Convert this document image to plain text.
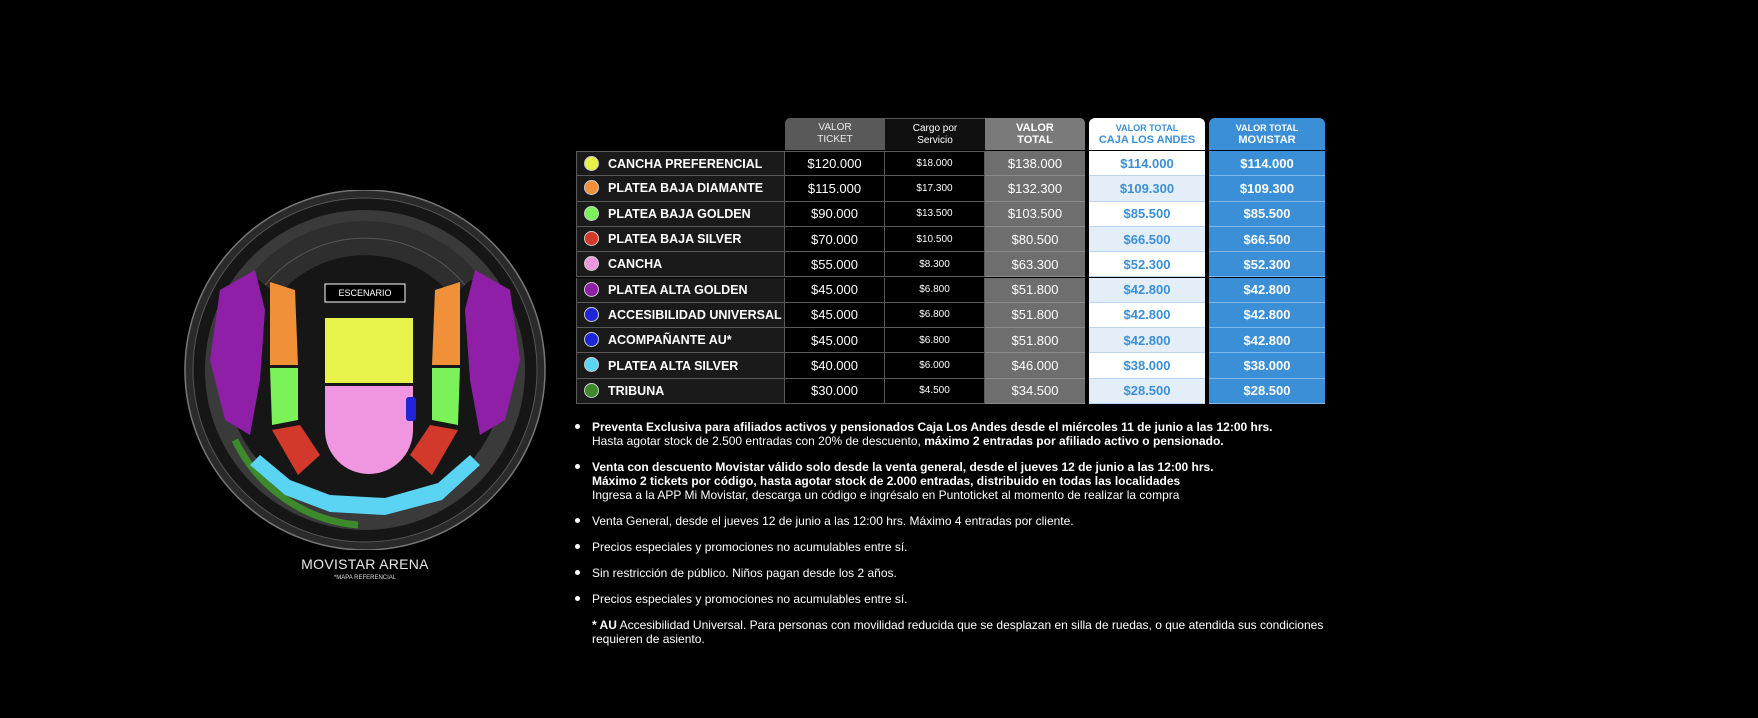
ESCENARIO
MOVISTAR ARENA
*MAPA REFERENCIAL
VALOR
TICKET
Cargo por
Servicio
VALOR
TOTAL
VALOR TOTAL
CAJA LOS ANDES
VALOR TOTAL
MOVISTAR
CANCHA PREFERENCIAL	$120.000	$18.000	$138.000	$114.000	$114.000
PLATEA BAJA DIAMANTE	$115.000	$17.300	$132.300	$109.300	$109.300
PLATEA BAJA GOLDEN	$90.000	$13.500	$103.500	$85.500	$85.500
PLATEA BAJA SILVER	$70.000	$10.500	$80.500	$66.500	$66.500
CANCHA	$55.000	$8.300	$63.300	$52.300	$52.300
PLATEA ALTA GOLDEN	$45.000	$6.800	$51.800	$42.800	$42.800
ACCESIBILIDAD UNIVERSAL $45.000	$6.800	$51.800	$42.800	$42.800
ACOMPAÑANTE AU*	$45.000	$6.800	$51.800	$42.800	$42.800
PLATEA ALTA SILVER	$40.000	$6.000	$46.000	$38.000	$38.000
TRIBUNA	$30.000	$4.500	$34.500	$28.500	$28.500
Preventa Exclusiva para afiliados activos y pensionados Caja Los Andes desde el miércoles 11 de junio a las 12:00 hrs.
Hasta agotar stock de 2.500 entradas con 20% de descuento, máximo 2 entradas por afiliado activo o pensionado.
Venta con descuento Movistar válido solo desde la venta general, desde el jueves 12 de junio a las 12:00 hrs.
Máximo 2 tickets por código, hasta agotar stock de 2.000 entradas, distribuido en todas las localidades
Ingresa a la APP Mi Movistar, descarga un código e ingrésalo en Puntoticket al momento de realizar la compra
Venta General, desde el jueves 12 de junio a las 12:00 hrs. Máximo 4 entradas por cliente.
Precios especiales y promociones no acumulables entre sí.
Sin restricción de público. Niños pagan desde los 2 años.
Precios especiales y promociones no acumulables entre sí.
* AU Accesibilidad Universal. Para personas con movilidad reducida que se desplazan en silla de ruedas, o que atendida sus condiciones requieren de asiento.
